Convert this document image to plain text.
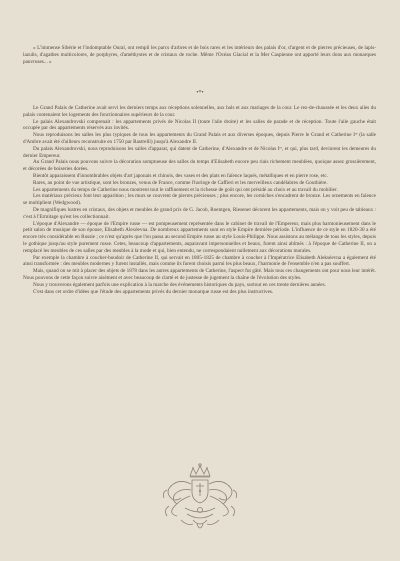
« L'immense Sibérie et l'indomptable Oural, ont rempli les parcs d'arbres et de bois rares et les intérieurs des palais d'or, d'argent et de pierres précieuses, de lapis-lazulis, d'agathes multicolores, de porphyres, d'améthystes et de cristaux de roche. Même l'Océan Glacial et la Mer Caspienne ont apporté leurs dons aux monarques pauvruses... »

•*•

Le Grand Palais de Catherine avait servi les derniers temps aux réceptions solennelles, aux bals et aux mariages de la cour. Le rez-de-chaussée et les deux ailes du palais contenaient les logements des fonctionnaires supérieurs de la cour.

Le palais Alexandrovski comprenait : les appartements privés de Nicolas II (toute l'aile droite) et les salles de parade et de réception. Toute l'aile gauche était occupée par des appartements réservés aux invités.

Nous reproduisons les salles les plus typiques de tous les appartements du Grand Palais et aux diverses époques, depuis Pierre le Grand et Catherine Iʳᵉ (la salle d'Ambre avait été d'ailleurs reconstruite en 1750 par Rastrelli) jusqu'à Alexandre II.

Du palais Alexandrovski, nous reproduisons les salles d'apparat, qui datent de Catherine, d'Alexandre et de Nicolas Iᵉʳ, et qui, plus tard, devinrent les demeures du dernier Empereur.

Au Grand Palais nous pouvons suivre la décoration somptueuse des salles du temps d'Elisabeth encore peu riais richement meublées, quoique assez grossièrement, et décorées de boiseries dorées.

Bientôt apparaissent d'innombrables objets d'art japonais et chinois, des vases et des plats en faïence laqués, métalliques et en pierre rose, etc.

Rares, au point de vue artistique, sont les bronzes, venus de France, comme l'horloge de Caffieri et les merveilleux candélabres de Gouthière.

Les appartements du temps de Catherine nous montrent tout le raffinement et la richesse de goût qui ont présidé au choix et au travail du mobilier.

Les matériaux précieux font leur apparition ; les murs se couvrent de pierres précieuses ; plus encore, les corniches s'encadrent de bronze. Les ornements en faïence se multiplient (Wedgwood).

De magnifiques lustres en cristaux, des objets et meubles de grand prix de G. Jacob, Roentgen, Riesener décorent les appartements, mais on y voit peu de tableaux : c'est à l'Ermitage qu'est les collectionnait.

L'époque d'Alexandre — époque de l'Empire russe — est pompeusement représentée dans le cabinet de travail de l'Empereur, mais plus harmonieusement dans le petit salon de musique de son épouse, Elisabeth Alexéevna. De nombreux appartements sont en style Empire dernière période. L'influence de ce style en 1820-30 a été encore très considérable en Russie ; ce n'est qu'après que l'on passa au second Empire russe au style Louis-Philippe. Nous assistons au mélange de tous les styles, depuis le gothique jusqu'au style purement russe. Cetes, beaucoup d'appartements, auparavant impersonnelles et beaux, furent ainsi abîmés : à l'époque de Catherine II, on a remplacé les meubles de ces salles par des meubles à la mode et qui, bien entendu, ne correspondaient nullement aux décorations murales.

Par exemple la chambre à coucher-boudoir de Catherine II, qui servait en 1805-1825 de chambre à coucher à l'Impératrice Elisabeth Alekséevna a également été ainsi transformée : des meubles modernes y furent installés, mais comme ils furent choisis parmi les plus beaux, l'harmonie de l'ensemble n'en a pas souffert.

Mais, quand on se mit à placer des objets de 1878 dans les autres appartements de Catherine, l'aspect fut gâté. Mais tous ces changements ont pour nous leur intérêt. Nous pouvons de cette façon suivre aisément et avec beaucoup de clarté et de justesse de jugement la chaîne de l'évolution des styles.

Nous y trouverons également parfois une explication à la marche des événements historiques du pays, surtout en ces trente dernières années.

C'est dans cet ordre d'idées que l'étude des appartements privés du dernier monarque russe est des plus instructives.
